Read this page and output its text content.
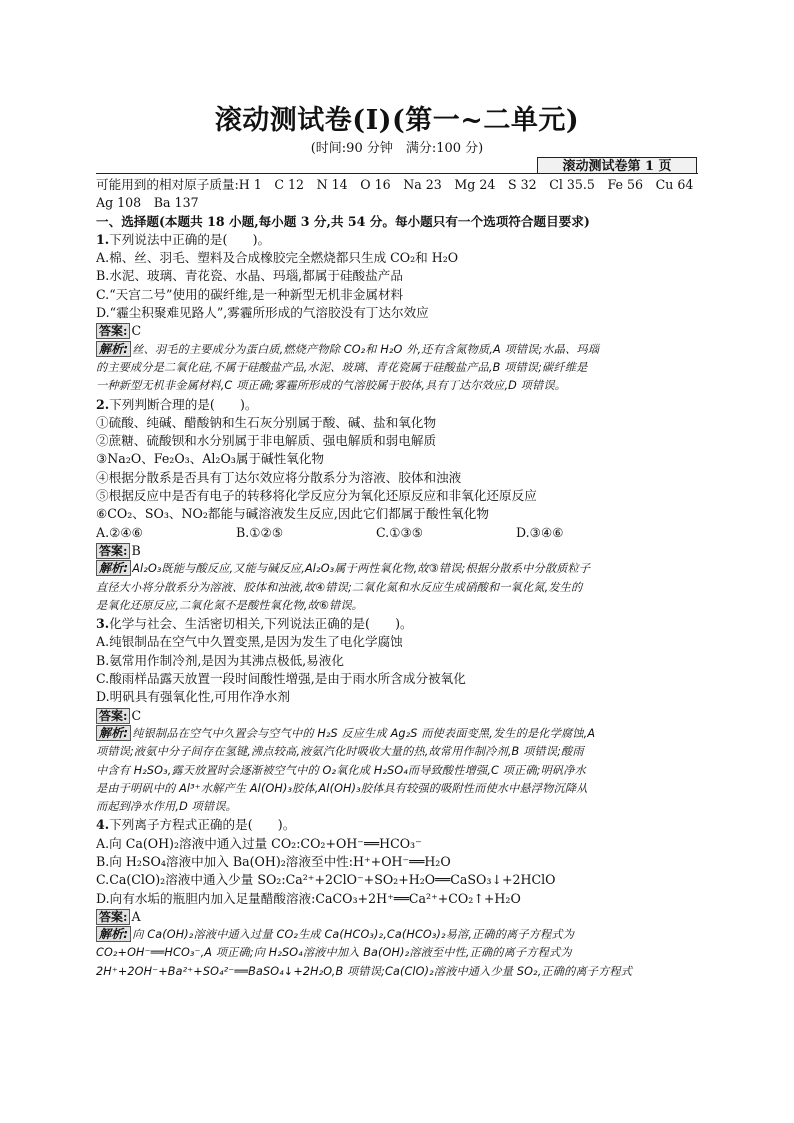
滚动测试卷(Ⅰ)(第一~二单元)
(时间:90 分钟　满分:100 分)
滚动测试卷第 1 页
可能用到的相对原子质量:H 1　C 12　N 14　O 16　Na 23　Mg 24　S 32　Cl 35.5　Fe 56　Cu 64
Ag 108　Ba 137
一、选择题(本题共 18 小题,每小题 3 分,共 54 分。每小题只有一个选项符合题目要求)
1.下列说法中正确的是(　　)。
A.棉、丝、羽毛、塑料及合成橡胶完全燃烧都只生成 CO₂和 H₂O
B.水泥、玻璃、青花瓷、水晶、玛瑙,都属于硅酸盐产品
C.“天宫二号”使用的碳纤维,是一种新型无机非金属材料
D.“霾尘积聚难见路人”,雾霾所形成的气溶胶没有丁达尔效应
答案: C
解析: 丝、羽毛的主要成分为蛋白质,燃烧产物除 CO₂和 H₂O 外,还有含氮物质,A 项错误;水晶、玛瑙
的主要成分是二氧化硅,不属于硅酸盐产品,水泥、玻璃、青花瓷属于硅酸盐产品,B 项错误;碳纤维是
一种新型无机非金属材料,C 项正确;雾霾所形成的气溶胶属于胶体,具有丁达尔效应,D 项错误。
2.下列判断合理的是(　　)。
①硫酸、纯碱、醋酸钠和生石灰分别属于酸、碱、盐和氧化物
②蔗糖、硫酸钡和水分别属于非电解质、强电解质和弱电解质
③Na₂O、Fe₂O₃、Al₂O₃属于碱性氧化物
④根据分散系是否具有丁达尔效应将分散系分为溶液、胶体和浊液
⑤根据反应中是否有电子的转移将化学反应分为氧化还原反应和非氧化还原反应
⑥CO₂、SO₃、NO₂都能与碱溶液发生反应,因此它们都属于酸性氧化物
A.②④⑥	B.①②⑤	C.①③⑤	D.③④⑥
答案: B
解析: Al₂O₃既能与酸反应,又能与碱反应,Al₂O₃属于两性氧化物,故③错误;根据分散系中分散质粒子
直径大小将分散系分为溶液、胶体和浊液,故④错误;二氧化氮和水反应生成硝酸和一氧化氮,发生的
是氧化还原反应,二氧化氮不是酸性氧化物,故⑥错误。
3.化学与社会、生活密切相关,下列说法正确的是(　　)。
A.纯银制品在空气中久置变黑,是因为发生了电化学腐蚀
B.氨常用作制冷剂,是因为其沸点极低,易液化
C.酸雨样品露天放置一段时间酸性增强,是由于雨水所含成分被氧化
D.明矾具有强氧化性,可用作净水剂
答案: C
解析: 纯银制品在空气中久置会与空气中的 H₂S 反应生成 Ag₂S 而使表面变黑,发生的是化学腐蚀,A
项错误;液氨中分子间存在氢键,沸点较高,液氨汽化时吸收大量的热,故常用作制冷剂,B 项错误;酸雨
中含有 H₂SO₃,露天放置时会逐渐被空气中的 O₂氧化成 H₂SO₄而导致酸性增强,C 项正确;明矾净水
是由于明矾中的 Al³⁺水解产生 Al(OH)₃胶体,Al(OH)₃胶体具有较强的吸附性而使水中悬浮物沉降从
而起到净水作用,D 项错误。
4.下列离子方程式正确的是(　　)。
A.向 Ca(OH)₂溶液中通入过量 CO₂:CO₂+OH⁻══HCO₃⁻
B.向 H₂SO₄溶液中加入 Ba(OH)₂溶液至中性:H⁺+OH⁻══H₂O
C.Ca(ClO)₂溶液中通入少量 SO₂:Ca²⁺+2ClO⁻+SO₂+H₂O══CaSO₃↓+2HClO
D.向有水垢的瓶胆内加入足量醋酸溶液:CaCO₃+2H⁺══Ca²⁺+CO₂↑+H₂O
答案: A
解析: 向 Ca(OH)₂溶液中通入过量 CO₂生成 Ca(HCO₃)₂,Ca(HCO₃)₂易溶,正确的离子方程式为
CO₂+OH⁻══HCO₃⁻,A 项正确;向 H₂SO₄溶液中加入 Ba(OH)₂溶液至中性,正确的离子方程式为
2H⁺+2OH⁻+Ba²⁺+SO₄²⁻══BaSO₄↓+2H₂O,B 项错误;Ca(ClO)₂溶液中通入少量 SO₂,正确的离子方程式
